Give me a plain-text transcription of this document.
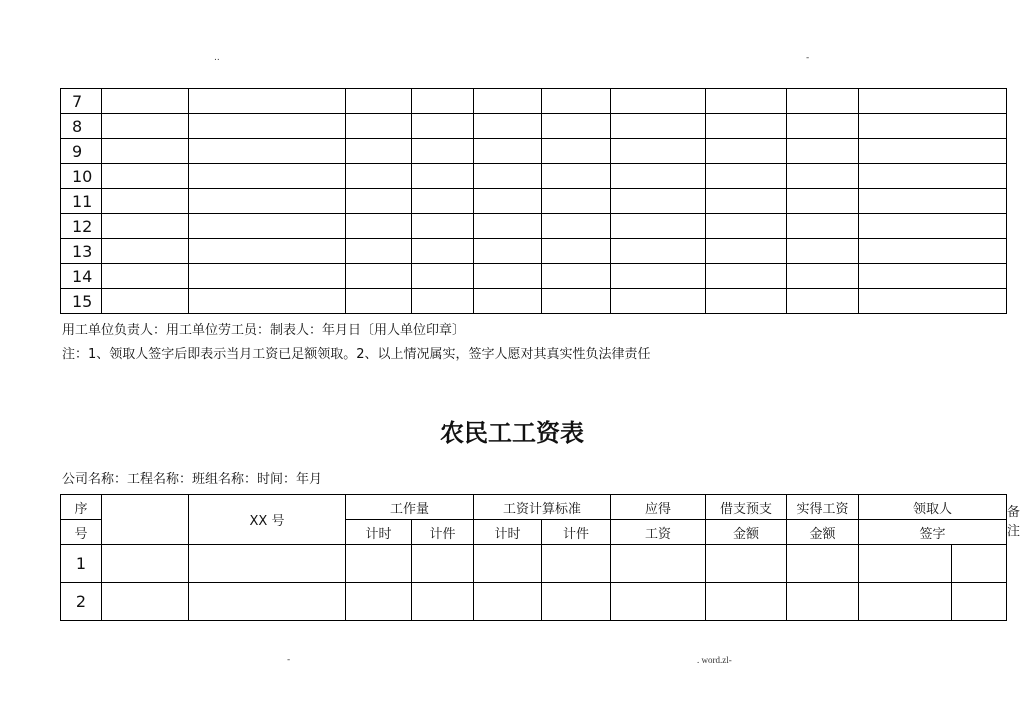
..	-
7										
8										
9										
10										
11										
12										
13										
14										
15										
用工单位负责人：用工单位劳工员：制表人：年月日〔用人单位印章〕
注：1、领取人签字后即表示当月工资已足额领取。2、以上情况属实，签字人愿对其真实性负法律责任
农民工工资表
公司名称：工程名称：班组名称：时间：年月
序		XX 号	工作量		工资计算标准		应得	借支预支	实得工资	领取人		备注
号			计时	计件	计时	计件	工资	金额	金额	签字		
1												
2												
-	. word.zl-
